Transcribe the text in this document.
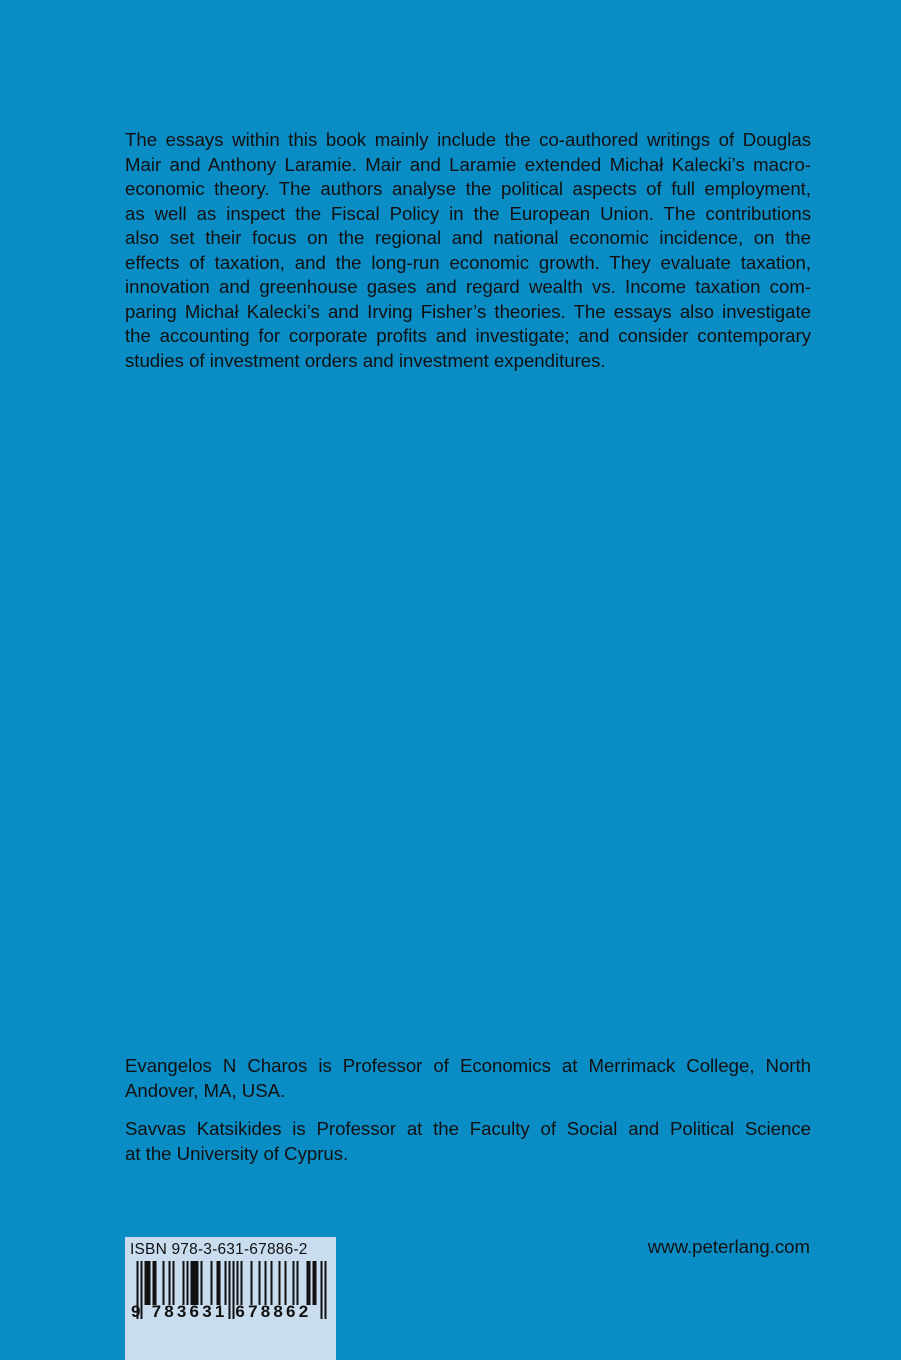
The essays within this book mainly include the co-authored writings of Douglas
Mair and Anthony Laramie. Mair and Laramie extended Michał Kalecki’s macro-
economic theory. The authors analyse the political aspects of full employment,
as well as inspect the Fiscal Policy in the European Union. The contributions
also set their focus on the regional and national economic incidence, on the
effects of taxation, and the long-run economic growth. They evaluate taxation,
innovation and greenhouse gases and regard wealth vs. Income taxation com-
paring Michał Kalecki’s and Irving Fisher’s theories. The essays also investigate
the accounting for corporate profits and investigate; and consider contemporary
studies of investment orders and investment expenditures.
Evangelos N Charos is Professor of Economics at Merrimack College, North
Andover, MA, USA.
Savvas Katsikides is Professor at the Faculty of Social and Political Science
at the University of Cyprus.
ISBN 978-3-631-67886-2
9 783631 678862
www.peterlang.com
